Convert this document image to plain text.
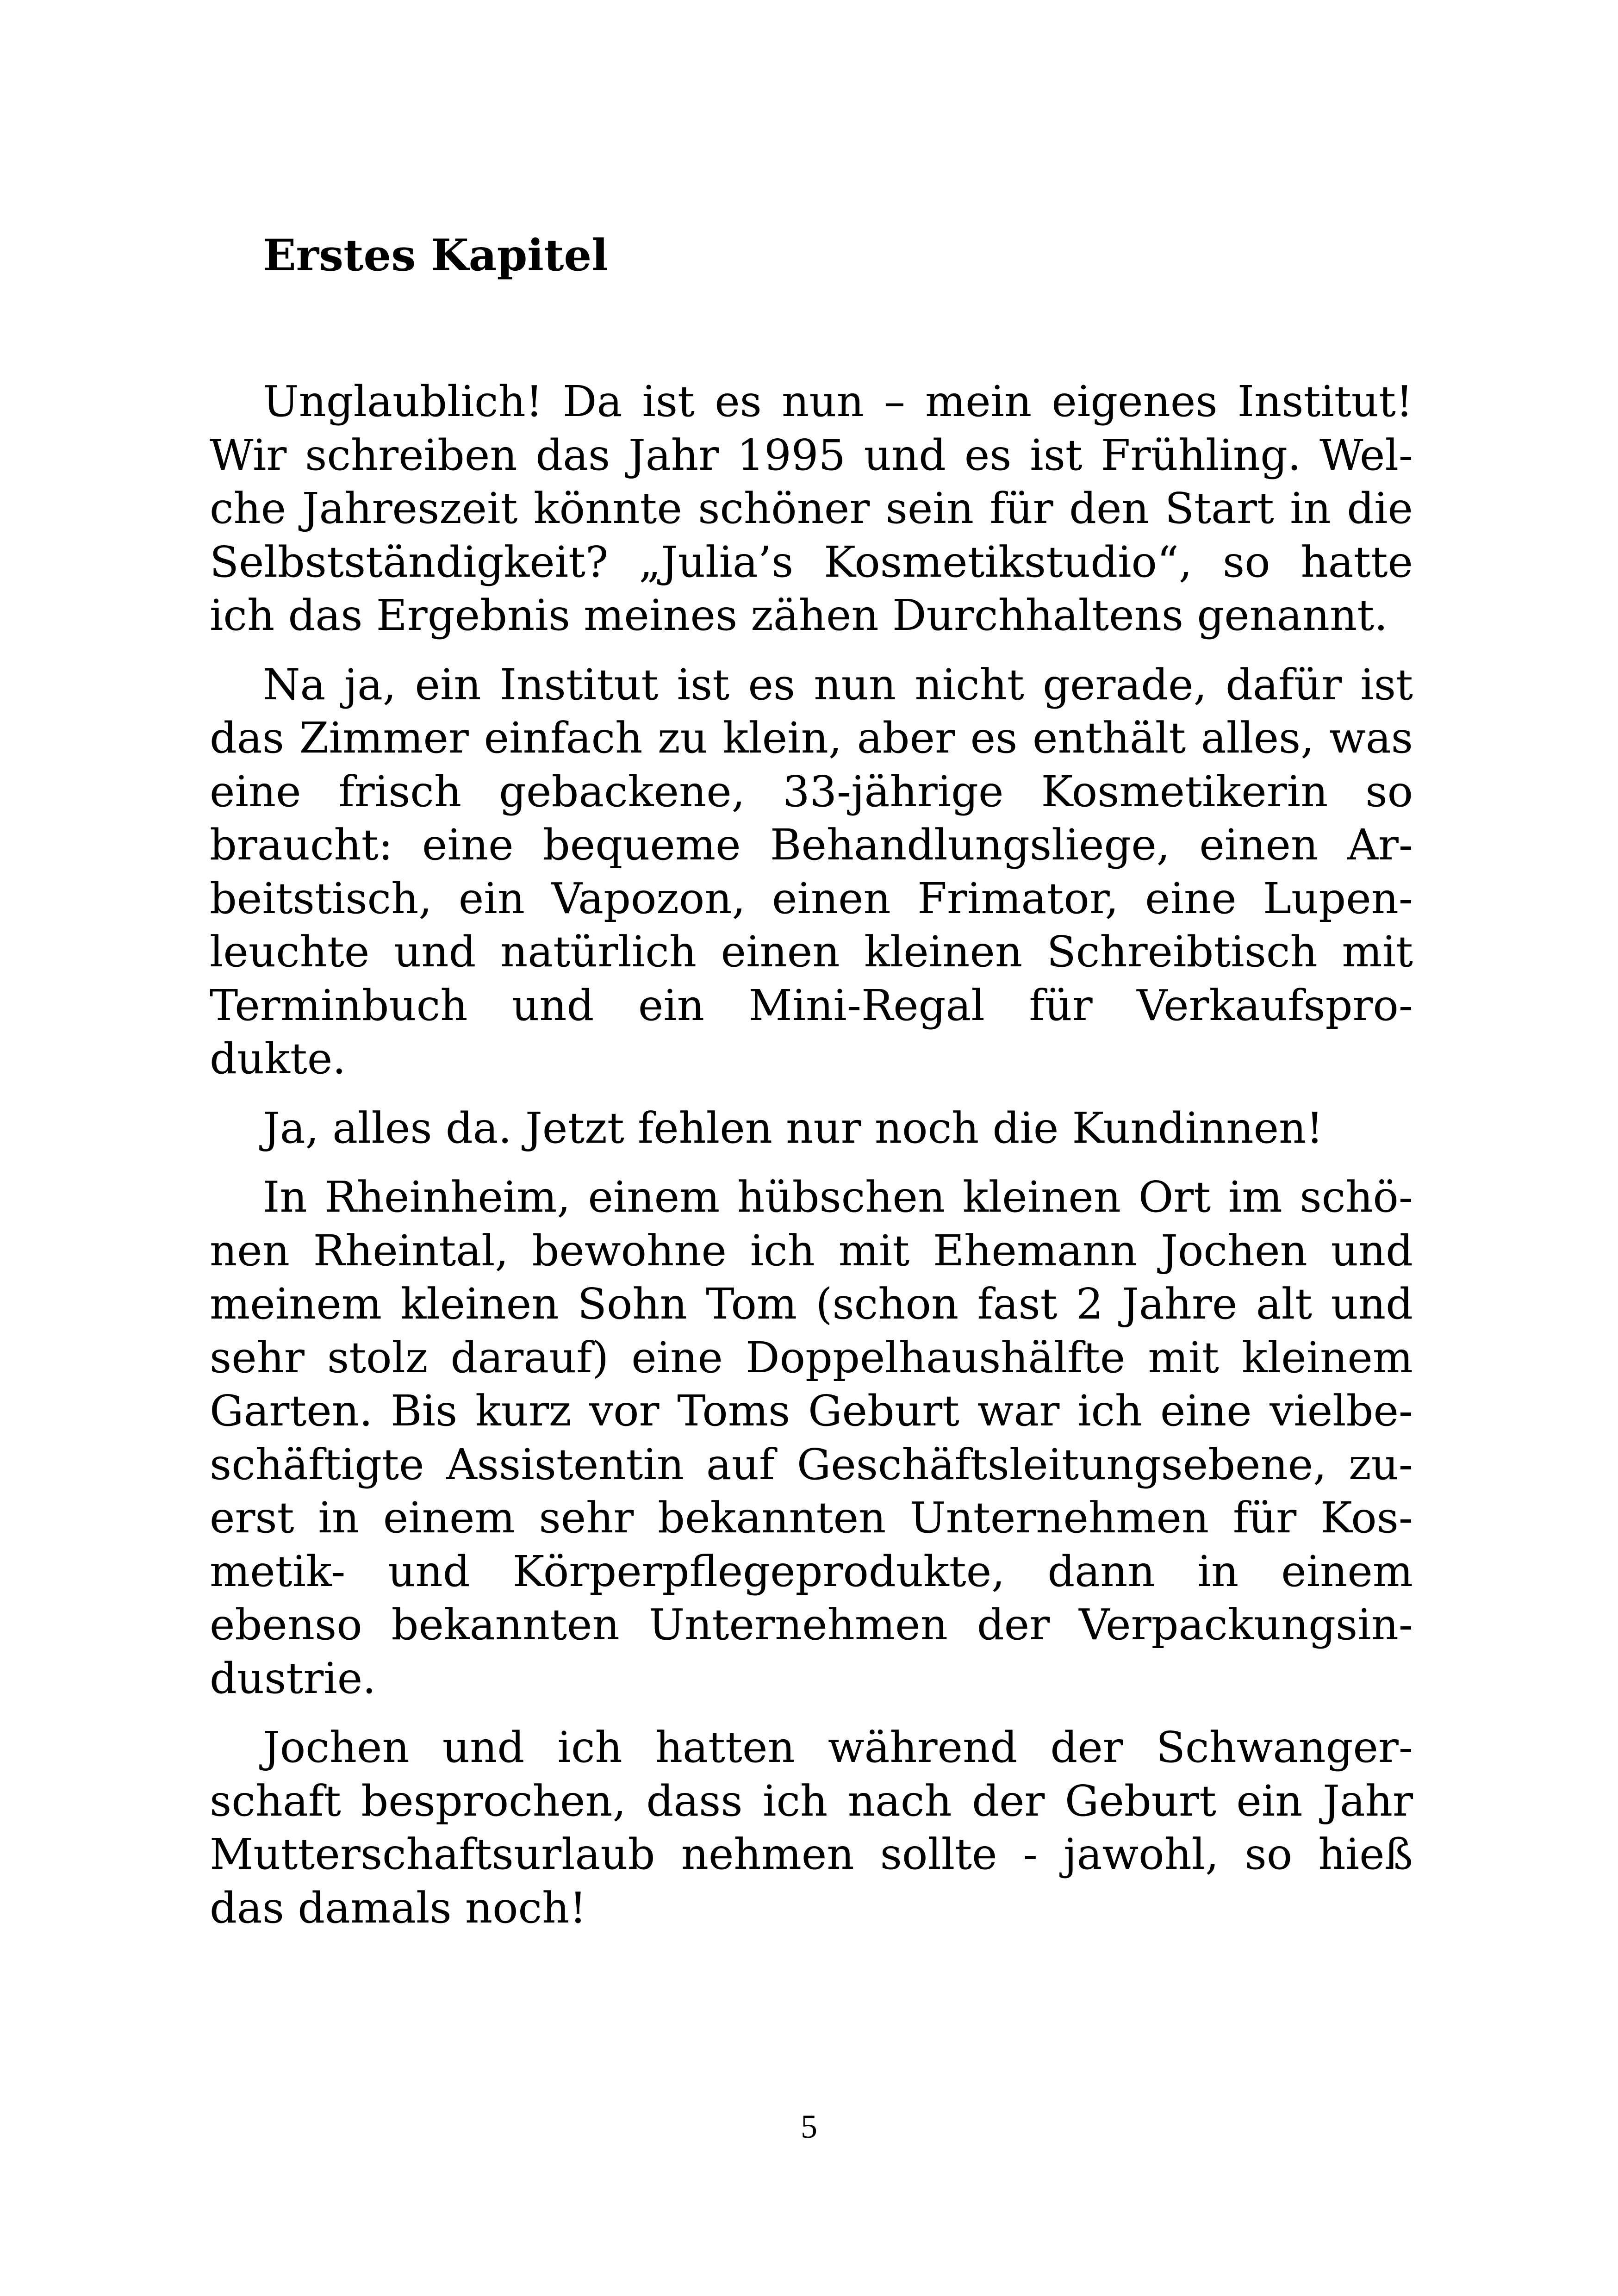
Erstes Kapitel

Unglaublich! Da ist es nun – mein eigenes Institut!
Wir schreiben das Jahr 1995 und es ist Frühling. Wel-
che Jahreszeit könnte schöner sein für den Start in die
Selbstständigkeit? „Julia’s Kosmetikstudio“, so hatte
ich das Ergebnis meines zähen Durchhaltens genannt.

Na ja, ein Institut ist es nun nicht gerade, dafür ist
das Zimmer einfach zu klein, aber es enthält alles, was
eine frisch gebackene, 33-jährige Kosmetikerin so
braucht: eine bequeme Behandlungsliege, einen Ar-
beitstisch, ein Vapozon, einen Frimator, eine Lupen-
leuchte und natürlich einen kleinen Schreibtisch mit
Terminbuch und ein Mini-Regal für Verkaufspro-
dukte.

Ja, alles da. Jetzt fehlen nur noch die Kundinnen!

In Rheinheim, einem hübschen kleinen Ort im schö-
nen Rheintal, bewohne ich mit Ehemann Jochen und
meinem kleinen Sohn Tom (schon fast 2 Jahre alt und
sehr stolz darauf) eine Doppelhaushälfte mit kleinem
Garten. Bis kurz vor Toms Geburt war ich eine vielbe-
schäftigte Assistentin auf Geschäftsleitungsebene, zu-
erst in einem sehr bekannten Unternehmen für Kos-
metik- und Körperpflegeprodukte, dann in einem
ebenso bekannten Unternehmen der Verpackungsin-
dustrie.

Jochen und ich hatten während der Schwanger-
schaft besprochen, dass ich nach der Geburt ein Jahr
Mutterschaftsurlaub nehmen sollte - jawohl, so hieß
das damals noch!

5
